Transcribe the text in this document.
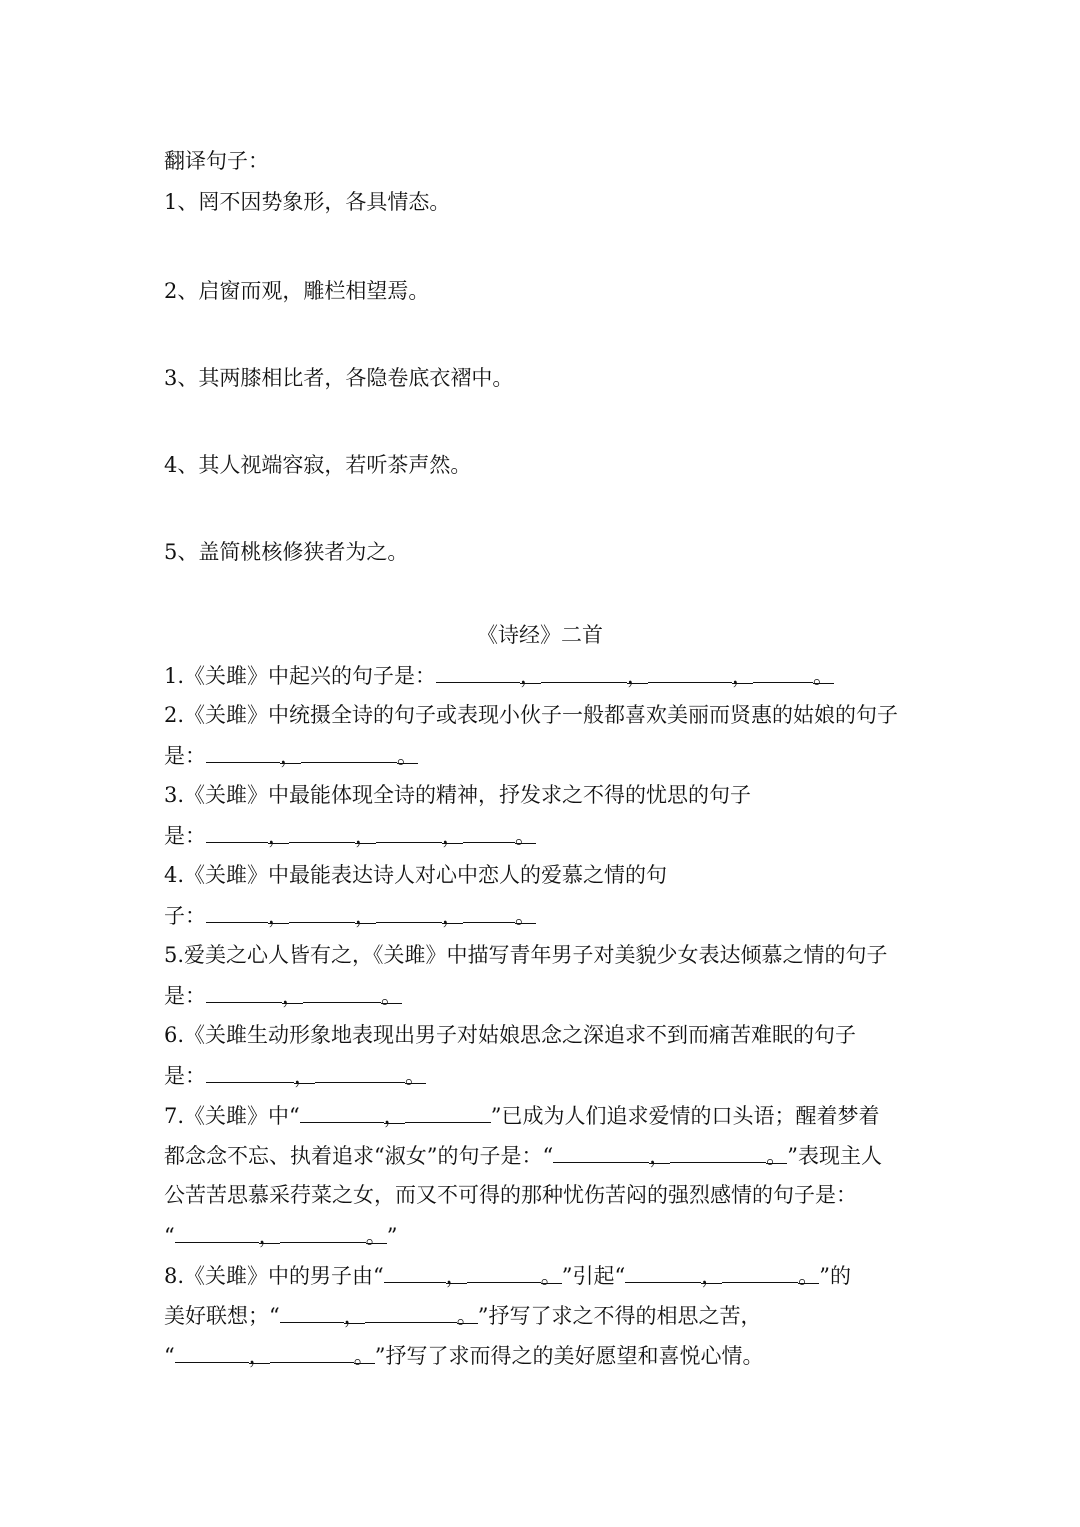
翻译句子：
1、罔不因势象形，各具情态。
2、启窗而观，雕栏相望焉。
3、其两膝相比者，各隐卷底衣褶中。
4、其人视端容寂，若听茶声然。
5、盖简桃核修狭者为之。
《诗经》二首
1.《关雎》中起兴的句子是：	，	，	，	。
2.《关雎》中统摄全诗的句子或表现小伙子一般都喜欢美丽而贤惠的姑娘的句子
是：	，	。
3.《关雎》中最能体现全诗的精神，抒发求之不得的忧思的句子
是：	，	，	， 。
4.《关雎》中最能表达诗人对心中恋人的爱慕之情的句
子：	，	，	， 。
5.爱美之心人皆有之，《关雎》中描写青年男子对美貌少女表达倾慕之情的句子
是：	，	。
6.《关雎生动形象地表现出男子对姑娘思念之深追求不到而痛苦难眠的句子
是：	，	。
7.《关雎》中“	，	”已成为人们追求爱情的口头语；醒着梦着
都念念不忘、执着追求“淑女”的句子是：“	，	。”表现主人
公苦苦思慕采荇菜之女，而又不可得的那种忧伤苦闷的强烈感情的句子是：
“	，	。”
8.《关雎》中的男子由“	，	。”引起“	，	。”的
美好联想；“	，	。”抒写了求之不得的相思之苦，
“	，	。”抒写了求而得之的美好愿望和喜悦心情。
